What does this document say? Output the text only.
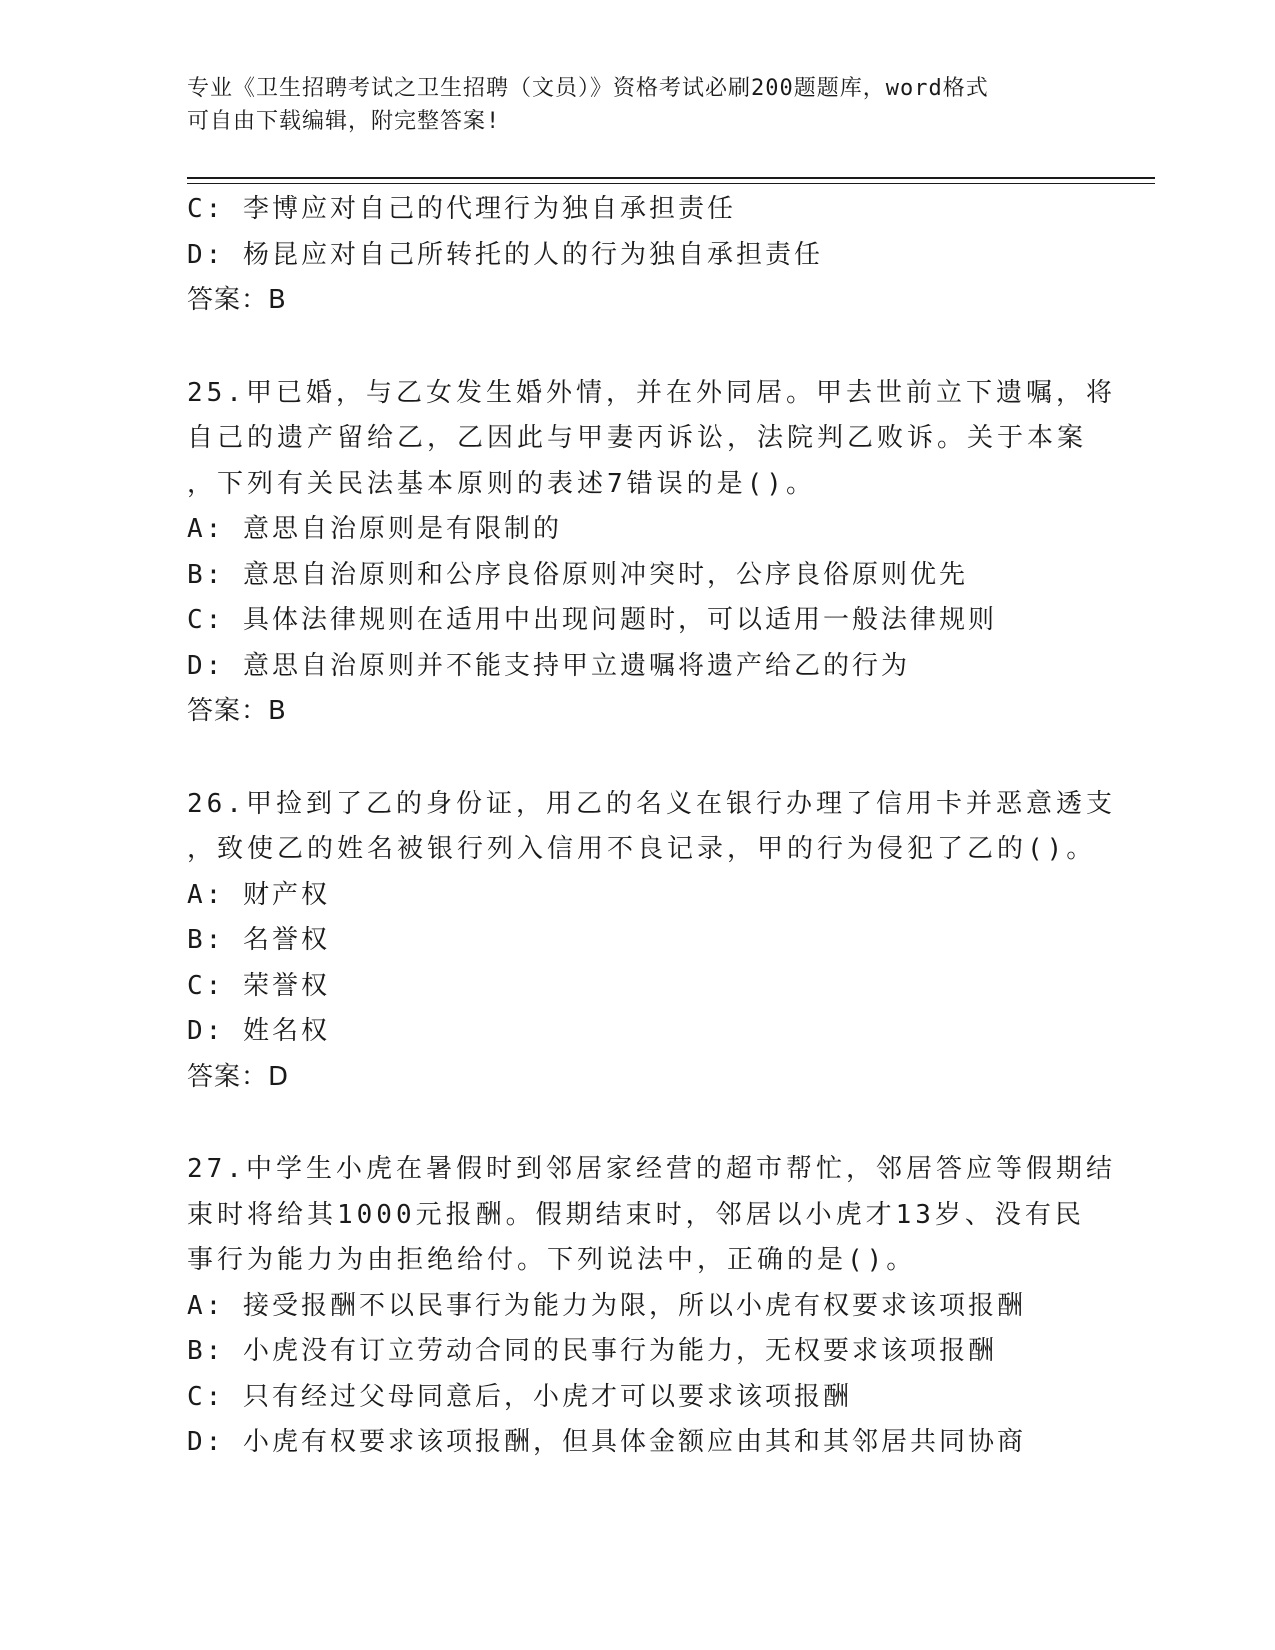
专业《卫生招聘考试之卫生招聘（文员）》资格考试必刷200题题库，word格式
可自由下载编辑，附完整答案!
C: 李博应对自己的代理行为独自承担责任
D: 杨昆应对自己所转托的人的行为独自承担责任
答案：B
25.甲已婚，与乙女发生婚外情，并在外同居。甲去世前立下遗嘱，将
自己的遗产留给乙，乙因此与甲妻丙诉讼，法院判乙败诉。关于本案
，下列有关民法基本原则的表述7错误的是()。
A: 意思自治原则是有限制的
B: 意思自治原则和公序良俗原则冲突时，公序良俗原则优先
C: 具体法律规则在适用中出现问题时，可以适用一般法律规则
D: 意思自治原则并不能支持甲立遗嘱将遗产给乙的行为
答案：B
26.甲捡到了乙的身份证，用乙的名义在银行办理了信用卡并恶意透支
，致使乙的姓名被银行列入信用不良记录，甲的行为侵犯了乙的()。
A: 财产权
B: 名誉权
C: 荣誉权
D: 姓名权
答案：D
27.中学生小虎在暑假时到邻居家经营的超市帮忙，邻居答应等假期结
束时将给其1000元报酬。假期结束时，邻居以小虎才13岁、没有民
事行为能力为由拒绝给付。下列说法中，正确的是()。
A: 接受报酬不以民事行为能力为限，所以小虎有权要求该项报酬
B: 小虎没有订立劳动合同的民事行为能力，无权要求该项报酬
C: 只有经过父母同意后，小虎才可以要求该项报酬
D: 小虎有权要求该项报酬，但具体金额应由其和其邻居共同协商
